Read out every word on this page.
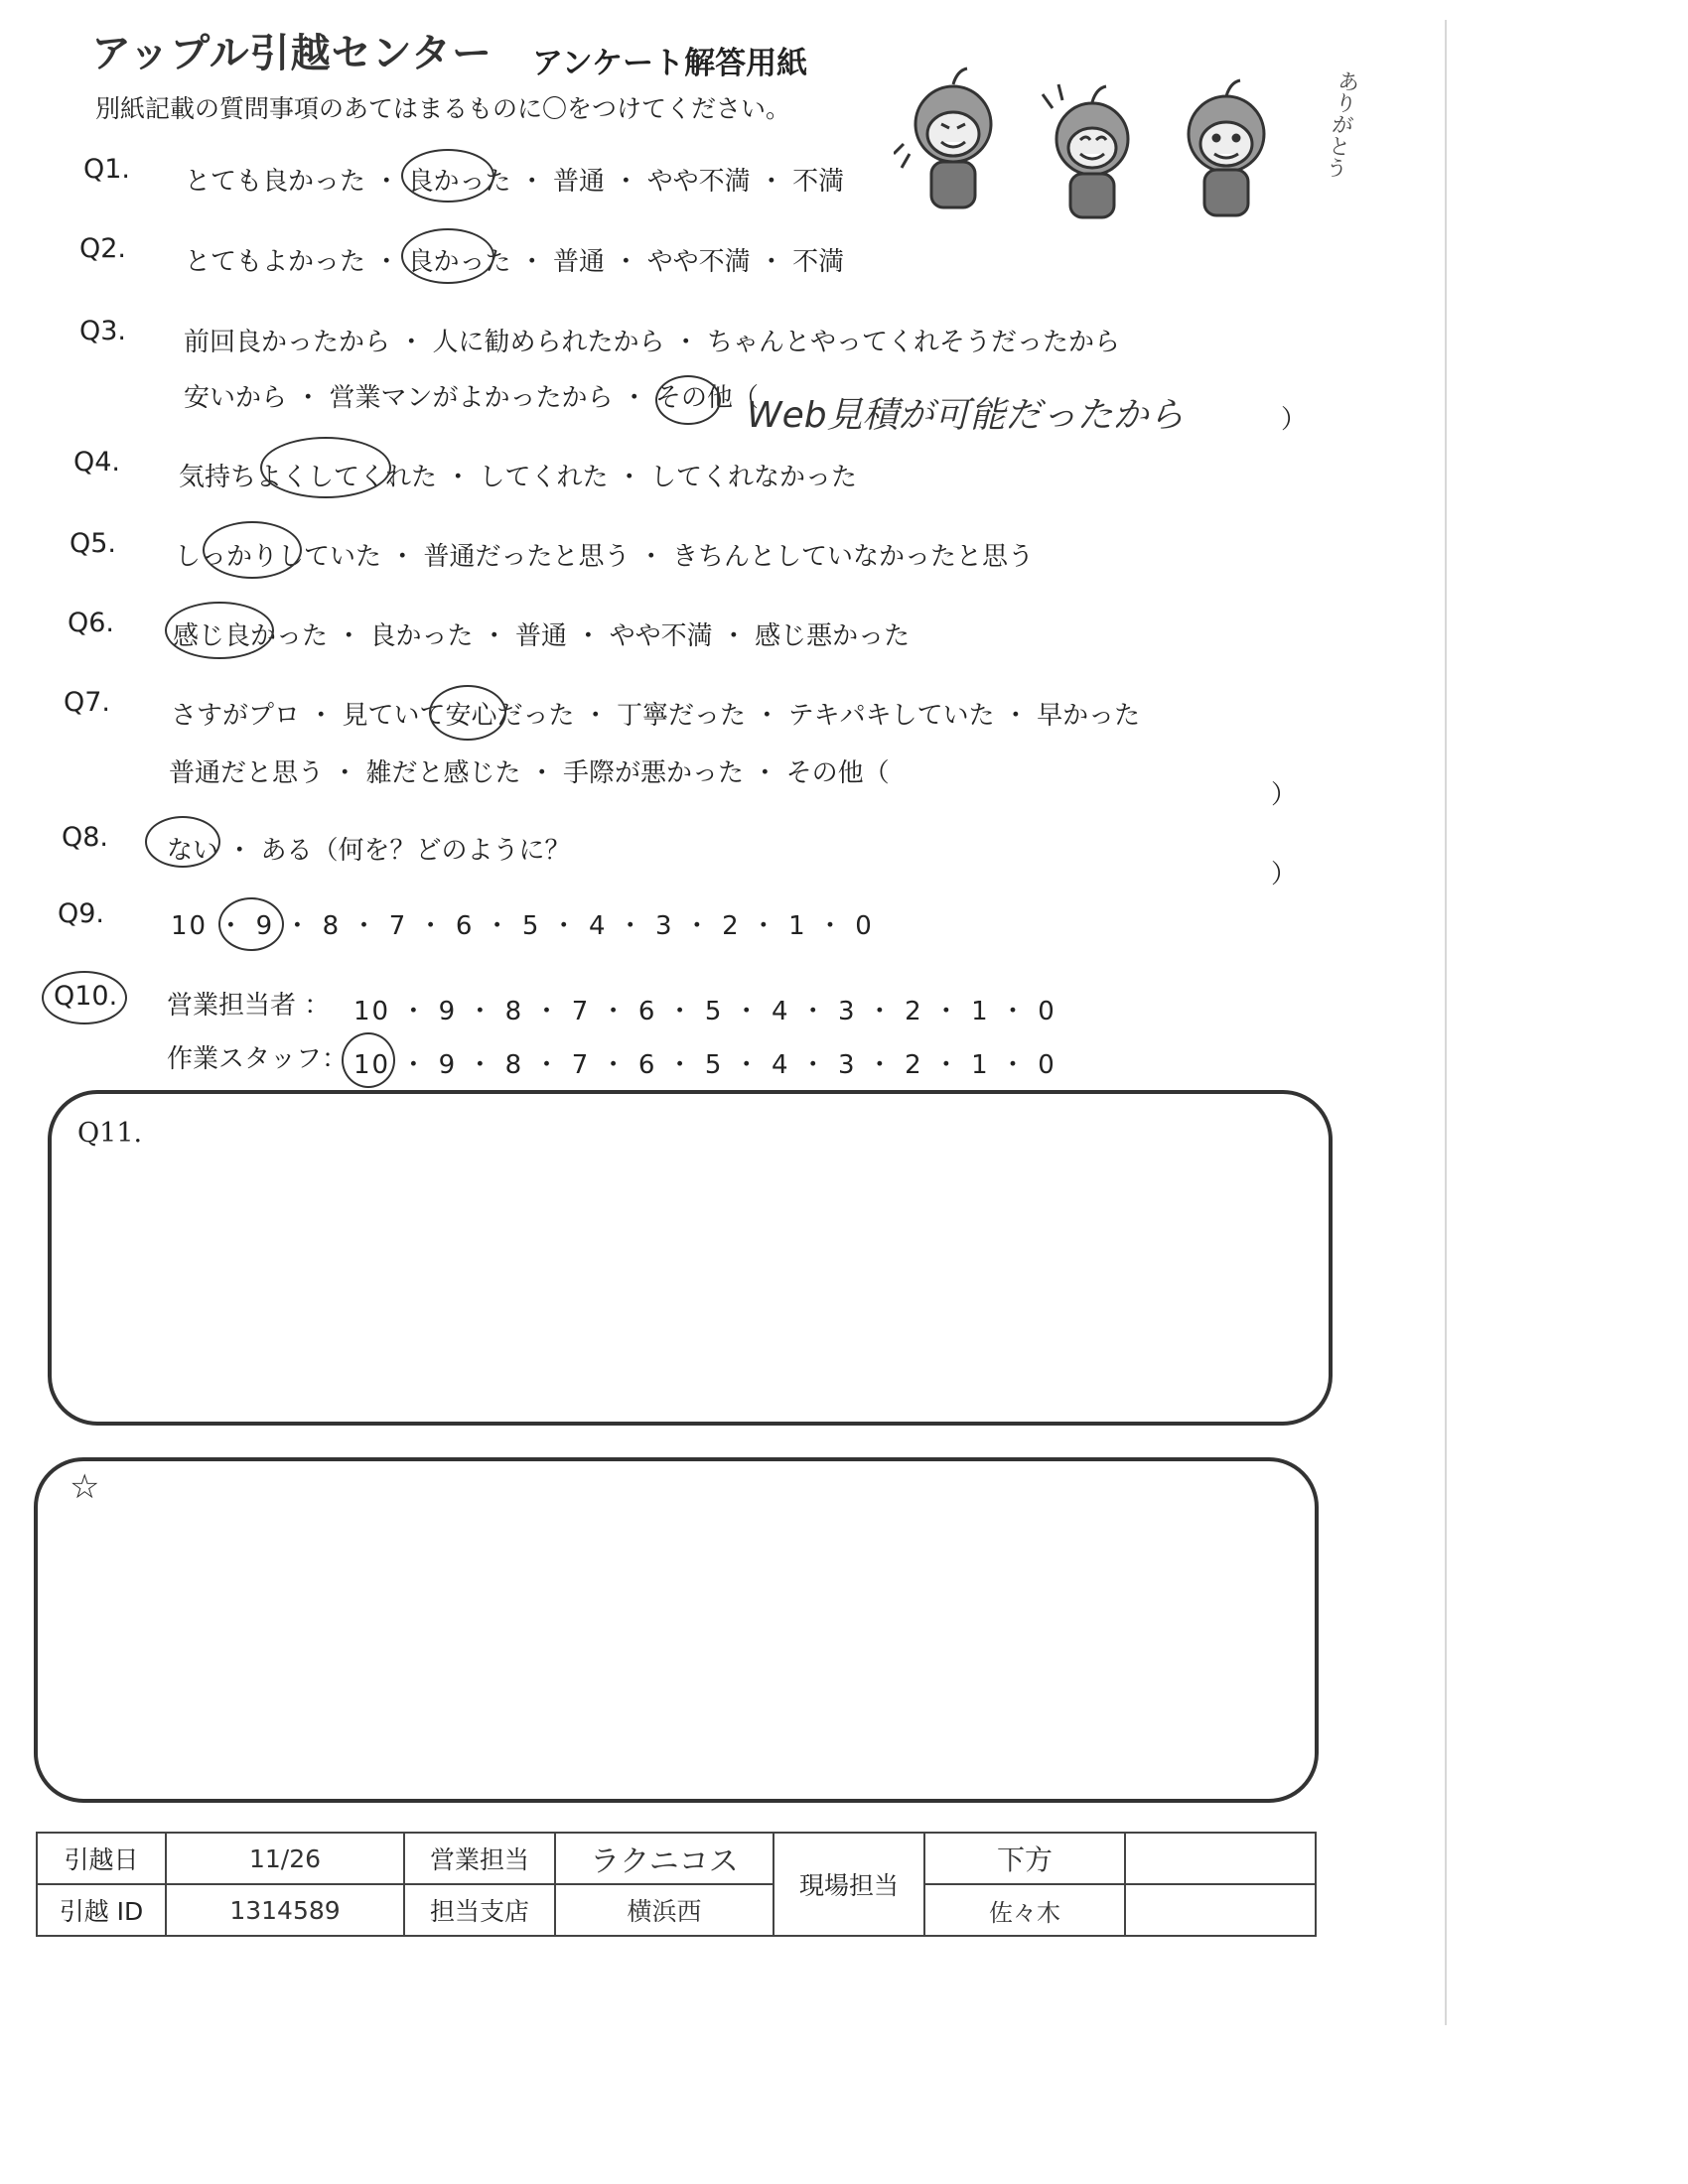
アップル引越センター アンケート解答用紙
別紙記載の質問事項のあてはまるものに〇をつけてください。	ありがとう
Q1. とても良かった ・ 良かった ・ 普通 ・ やや不満 ・ 不満
Q2. とてもよかった ・ 良かった ・ 普通 ・ やや不満 ・ 不満
Q3. 前回良かったから ・ 人に勧められたから ・ ちゃんとやってくれそうだったから
安いから ・ 営業マンがよかったから ・ その他（
Web見積が可能だったから	）
Q4. 気持ちよくしてくれた ・ してくれた ・ してくれなかった
Q5. しっかりしていた ・ 普通だったと思う ・ きちんとしていなかったと思う
Q6. 感じ良かった ・ 良かった ・ 普通 ・ やや不満 ・ 感じ悪かった
Q7. さすがプロ ・ 見ていて安心だった ・ 丁寧だった ・ テキパキしていた ・ 早かった
普通だと思う ・ 雑だと感じた ・ 手際が悪かった ・ その他（
）
Q8. ない ・ ある（何を？どのように？
）
Q9.	10 ・ 9 ・ 8 ・ 7 ・ 6 ・ 5 ・ 4 ・ 3 ・ 2 ・ 1 ・ 0
Q10. 営業担当者 ： 10 ・ 9 ・ 8 ・ 7 ・ 6 ・ 5 ・ 4 ・ 3 ・ 2 ・ 1 ・ 0
作業スタッフ： 10 ・ 9 ・ 8 ・ 7 ・ 6 ・ 5 ・ 4 ・ 3 ・ 2 ・ 1 ・ 0
Q11.
☆
引越日	11/26	営業担当	ラクニコス	現場担当	下方	
引越 ID	1314589	担当支店	横浜西		佐々木	
